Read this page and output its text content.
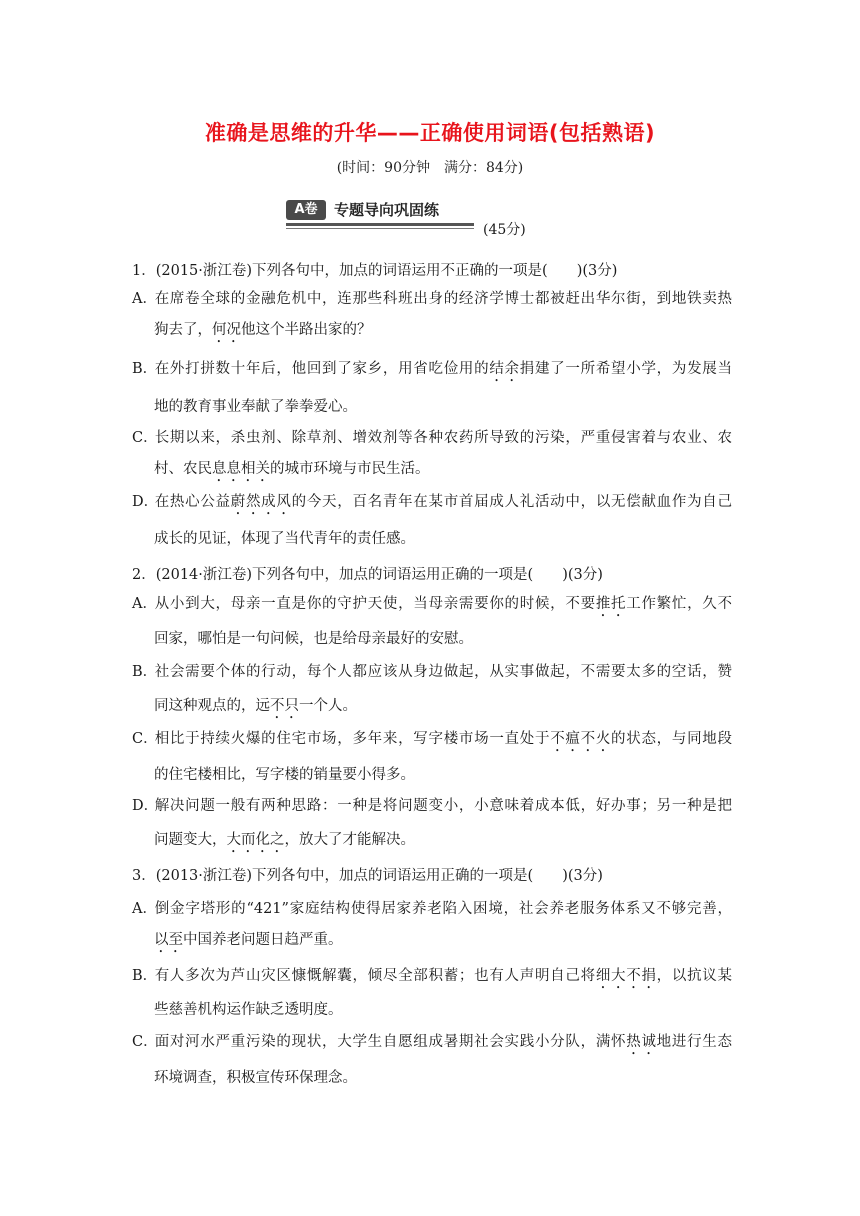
准确是思维的升华——正确使用词语(包括熟语)
(时间：90分钟　满分：84分)
A卷	专题导向巩固练
(45分)
1．(2015·浙江卷)下列各句中，加点的词语运用不正确的一项是(　　)(3分)
A．在席卷全球的金融危机中，连那些科班出身的经济学博士都被赶出华尔街，到地铁卖热
狗去了，何况他这个半路出家的？
B．在外打拼数十年后，他回到了家乡，用省吃俭用的结余捐建了一所希望小学，为发展当
地的教育事业奉献了拳拳爱心。
C．长期以来，杀虫剂、除草剂、增效剂等各种农药所导致的污染，严重侵害着与农业、农
村、农民息息相关的城市环境与市民生活。
D．在热心公益蔚然成风的今天，百名青年在某市首届成人礼活动中，以无偿献血作为自己
成长的见证，体现了当代青年的责任感。
2．(2014·浙江卷)下列各句中，加点的词语运用正确的一项是(　　)(3分)
A．从小到大，母亲一直是你的守护天使，当母亲需要你的时候，不要推托工作繁忙，久不
回家，哪怕是一句问候，也是给母亲最好的安慰。
B．社会需要个体的行动，每个人都应该从身边做起，从实事做起，不需要太多的空话，赞
同这种观点的，远不只一个人。
C．相比于持续火爆的住宅市场，多年来，写字楼市场一直处于不瘟不火的状态，与同地段
的住宅楼相比，写字楼的销量要小得多。
D．解决问题一般有两种思路：一种是将问题变小，小意味着成本低，好办事；另一种是把
问题变大，大而化之，放大了才能解决。
3．(2013·浙江卷)下列各句中，加点的词语运用正确的一项是(　　)(3分)
A．倒金字塔形的“421”家庭结构使得居家养老陷入困境，社会养老服务体系又不够完善，
以至中国养老问题日趋严重。
B．有人多次为芦山灾区慷慨解囊，倾尽全部积蓄；也有人声明自己将细大不捐，以抗议某
些慈善机构运作缺乏透明度。
C．面对河水严重污染的现状，大学生自愿组成暑期社会实践小分队，满怀热诚地进行生态
环境调查，积极宣传环保理念。
